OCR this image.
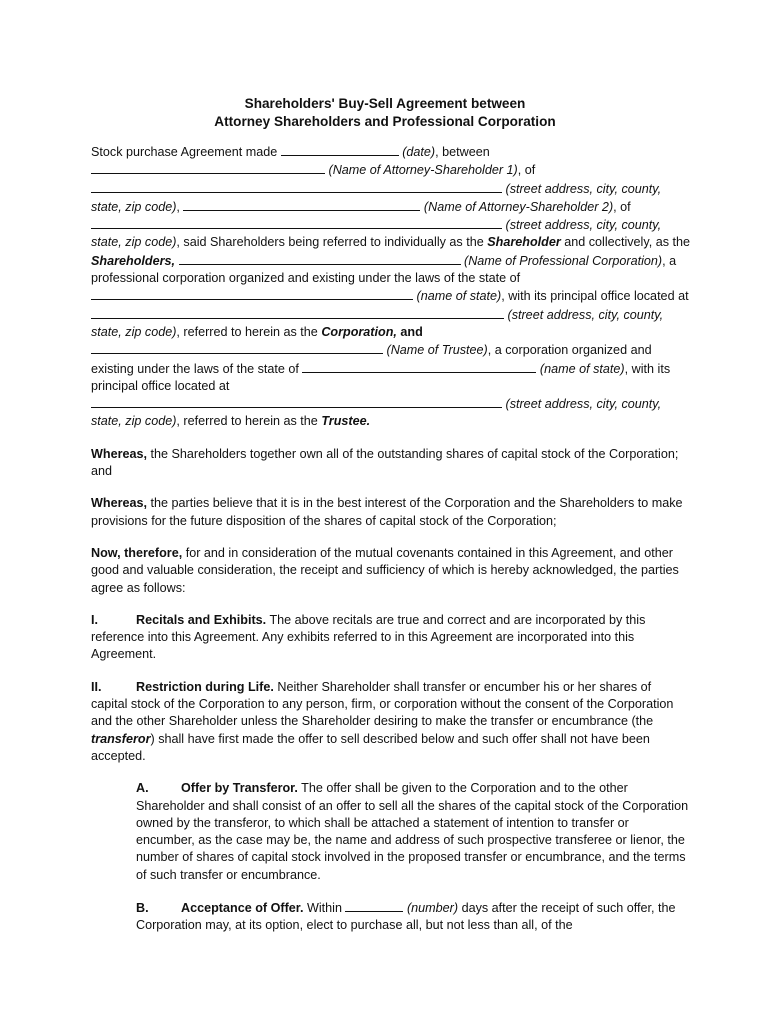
Shareholders' Buy-Sell Agreement between
Attorney Shareholders and Professional Corporation

Stock purchase Agreement made	(date), between
(Name of Attorney-Shareholder 1), of
(street address, city, county, state, zip code),	(Name of Attorney-Shareholder 2), of
(street address, city, county, state, zip code), said Shareholders being referred to individually as the Shareholder and collectively, as the Shareholders,	(Name of Professional Corporation), a professional corporation organized and existing under the laws of the state of  (name of state), with its principal office located at  (street address, city, county, state, zip code), referred to herein as the Corporation, and
(Name of Trustee), a corporation organized and existing under the laws of the state of	(name of state), with its principal office located at
(street address, city, county, state, zip code), referred to herein as the Trustee.

Whereas, the Shareholders together own all of the outstanding shares of capital stock of the Corporation; and

Whereas, the parties believe that it is in the best interest of the Corporation and the Shareholders to make provisions for the future disposition of the shares of capital stock of the Corporation;

Now, therefore, for and in consideration of the mutual covenants contained in this Agreement, and other good and valuable consideration, the receipt and sufficiency of which is hereby acknowledged, the parties agree as follows:

I.	Recitals and Exhibits. The above recitals are true and correct and are incorporated by this reference into this Agreement. Any exhibits referred to in this Agreement are incorporated into this Agreement.

II.	Restriction during Life. Neither Shareholder shall transfer or encumber his or her shares of capital stock of the Corporation to any person, firm, or corporation without the consent of the Corporation and the other Shareholder unless the Shareholder desiring to make the transfer or encumbrance (the transferor) shall have first made the offer to sell described below and such offer shall not have been accepted.

A.	Offer by Transferor. The offer shall be given to the Corporation and to the other Shareholder and shall consist of an offer to sell all the shares of the capital stock of the Corporation owned by the transferor, to which shall be attached a statement of intention to transfer or encumber, as the case may be, the name and address of such prospective transferee or lienor, the number of shares of capital stock involved in the proposed transfer or encumbrance, and the terms of such transfer or encumbrance.

B.	Acceptance of Offer. Within	(number) days after the receipt of such offer, the Corporation may, at its option, elect to purchase all, but not less than all, of the
